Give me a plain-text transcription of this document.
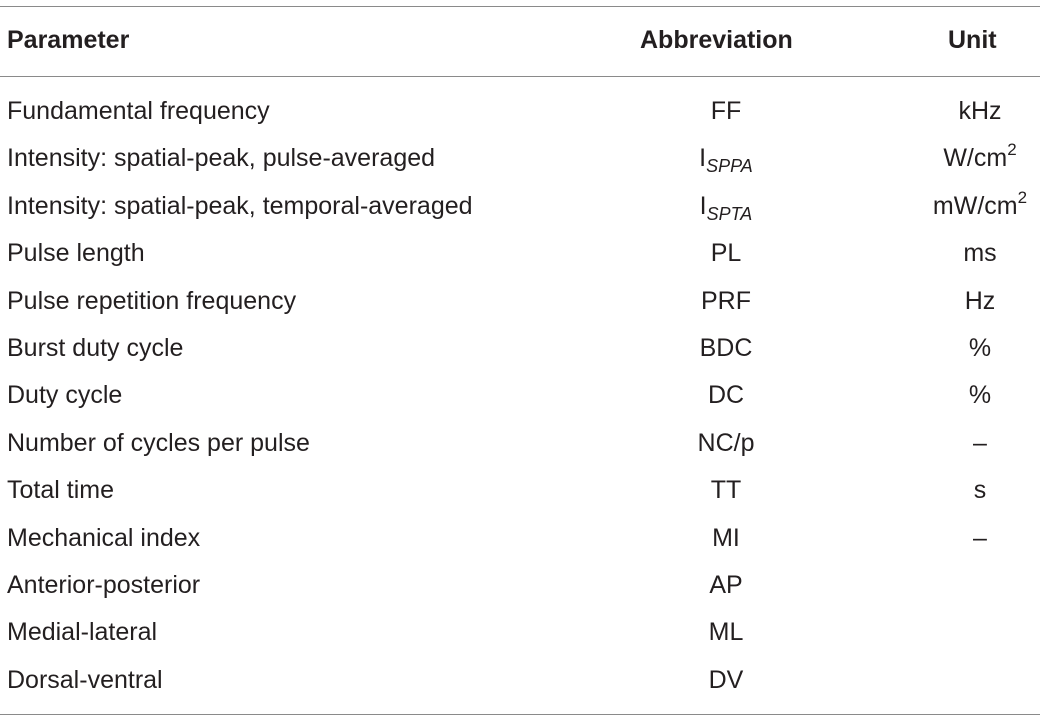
Parameter	Abbreviation	Unit
Fundamental frequency	FF	kHz
Intensity: spatial-peak, pulse-averaged	$I_{SPPA}$	$W/cm^2$
Intensity: spatial-peak, temporal-averaged	$I_{SPTA}$	$mW/cm^2$
Pulse length	PL	ms
Pulse repetition frequency	PRF	Hz
Burst duty cycle	BDC	%
Duty cycle	DC	%
Number of cycles per pulse	NC/p	–
Total time	TT	s
Mechanical index	MI	–
Anterior-posterior	AP
Medial-lateral	ML
Dorsal-ventral	DV
